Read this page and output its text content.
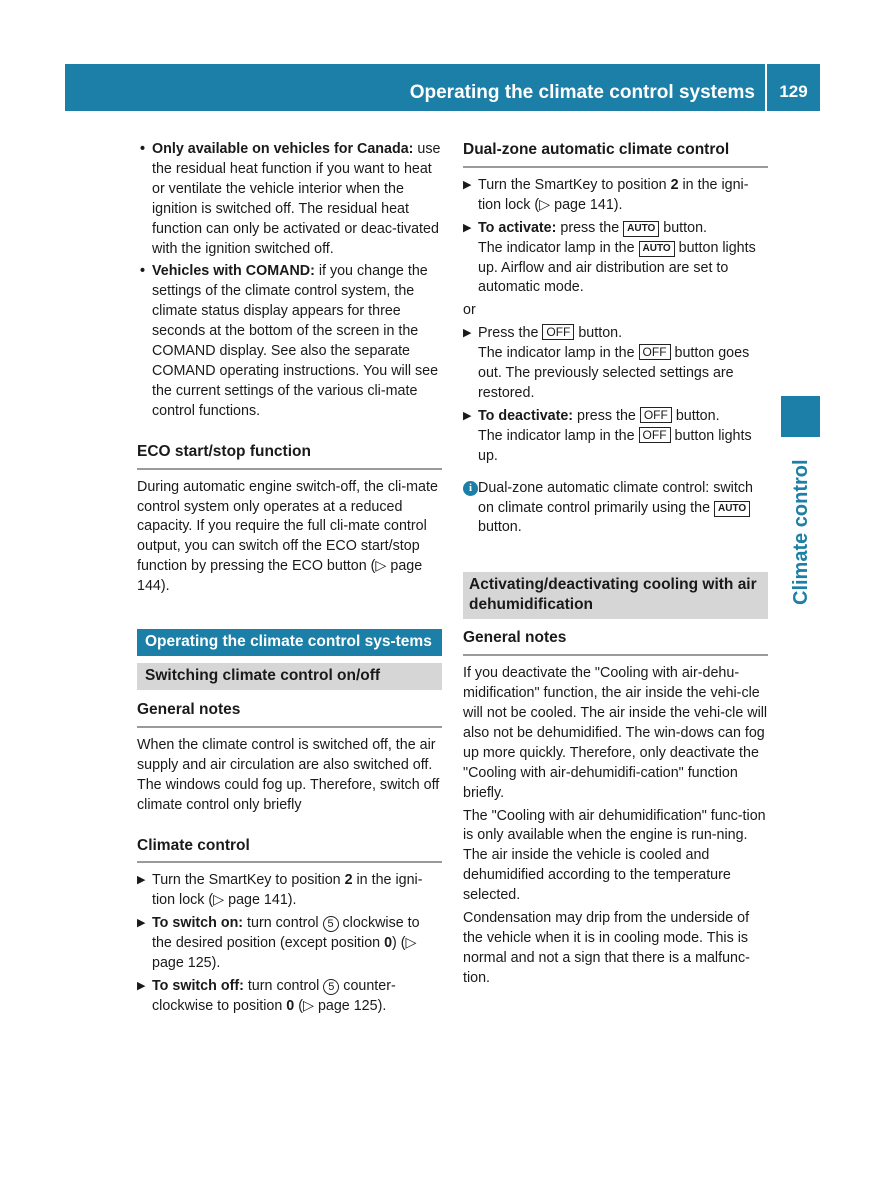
Operating the climate control systems	129
Climate control
• Only available on vehicles for Canada: use the residual heat function if you want to heat or ventilate the vehicle interior when the ignition is switched off. The residual heat function can only be activated or deac-tivated with the ignition switched off.
• Vehicles with COMAND: if you change the settings of the climate control system, the climate status display appears for three seconds at the bottom of the screen in the COMAND display. See also the separate COMAND operating instructions. You will see the current settings of the various cli-mate control functions.
ECO start/stop function

During automatic engine switch-off, the cli-mate control system only operates at a reduced capacity. If you require the full cli-mate control output, you can switch off the ECO start/stop function by pressing the ECO button (▷ page 144).

Operating the climate control sys-tems
Switching climate control on/off
General notes

When the climate control is switched off, the air supply and air circulation are also switched off. The windows could fog up. Therefore, switch off climate control only briefly

Climate control
▶ Turn the SmartKey to position 2 in the igni-tion lock (▷ page 141).
▶ To switch on: turn control 5 clockwise to the desired position (except position 0) (▷ page 125).
▶ To switch off: turn control 5 counter-clockwise to position 0 (▷ page 125).
Dual-zone automatic climate control
▶ Turn the SmartKey to position 2 in the igni-tion lock (▷ page 141).
▶ To activate: press the AUTO button.
The indicator lamp in the AUTO button lights up. Airflow and air distribution are set to automatic mode.

or

▶ Press the OFF button.
The indicator lamp in the OFF button goes out. The previously selected settings are restored.
▶ To deactivate: press the OFF button.
The indicator lamp in the OFF button lights up.
i Dual-zone automatic climate control: switch on climate control primarily using the AUTO button.
Activating/deactivating cooling with air dehumidification
General notes

If you deactivate the "Cooling with air-dehu-midification" function, the air inside the vehi-cle will not be cooled. The air inside the vehi-cle will also not be dehumidified. The win-dows can fog up more quickly. Therefore, only deactivate the "Cooling with air-dehumidifi-cation" function briefly.

The "Cooling with air dehumidification" func-tion is only available when the engine is run-ning. The air inside the vehicle is cooled and dehumidified according to the temperature selected.

Condensation may drip from the underside of the vehicle when it is in cooling mode. This is normal and not a sign that there is a malfunc-tion.
